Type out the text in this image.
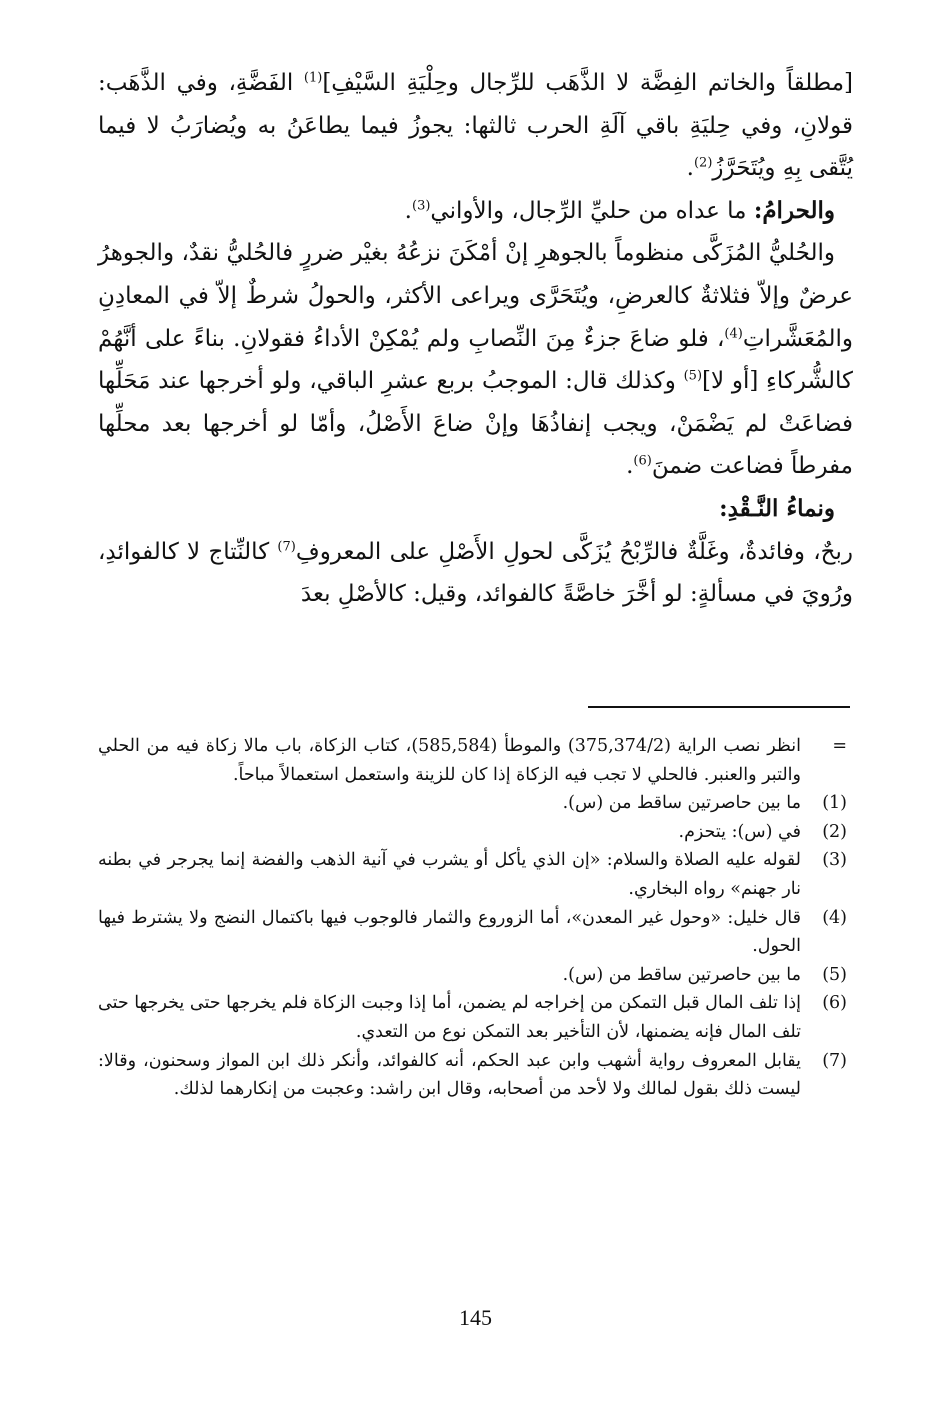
[مطلقاً والخاتم الفِضَّة لا الذَّهَب للرِّجال وحِلْيَةِ السَّيْفِ]$^{(1)}$ الفَضَّةِ، وفي الذَّهَب: قولانِ، وفي حِليَةِ باقي آلَةِ الحرب ثالثها: يجوزُ فيما يطاعَنُ به ويُضارَبُ لا فيما يُتَّقى بِهِ ويُتَحَرَّزُ$^{(2)}$.

والحرامُ: ما عداه من حليِّ الرِّجال، والأواني$^{(3)}$.

والحُليُّ المُزَكَّى منظوماً بالجوهرِ إنْ أمْكَنَ نزعُهُ بغيْر ضررٍ فالحُليُّ نقدٌ، والجوهرُ عرضٌ وإلاّ فثلاثةٌ كالعرضِ، ويُتَحَرَّى ويراعى الأكثر، والحولُ شرطٌ إلاّ في المعادِنِ والمُعَشَّراتِ$^{(4)}$، فلو ضاعَ جزءٌ مِنَ النِّصابِ ولم يُمْكِنْ الأداءُ فقولانِ. بناءً على أنَّهُمْ كالشُّركاءِ [أو لا]$^{(5)}$ وكذلك قال: الموجبُ بربع عشرِ الباقي، ولو أخرجها عند مَحَلِّها فضاعَتْ لم يَضْمَنْ، ويجب إنفاذُهَا وإنْ ضاعَ الأَصْلُ، وأمّا لو أخرجها بعد محلِّها مفرطاً فضاعت ضمنَ$^{(6)}$.

ونماءُ النَّـقْدِ:

ربحٌ، وفائدةٌ، وغَلَّةٌ فالرِّبْحُ يُزَكَّى لحولِ الأَصْلِ على المعروفِ$^{(7)}$ كالنِّتاج لا كالفوائدِ، ورُويَ في مسألةٍ: لو أخَّرَ خاصَّةً كالفوائد، وقيل: كالأصْلِ بعدَ

=
انظر نصب الراية (375,374/2) والموطأ (585,584)، كتاب الزكاة، باب مالا زكاة فيه من الحلي والتبر والعنبر. فالحلي لا تجب فيه الزكاة إذا كان للزينة واستعمل استعمالاً مباحاً.
(1)
ما بين حاصرتين ساقط من (س).
(2)
في (س): يتحزم.
(3)
لقوله عليه الصلاة والسلام: «إن الذي يأكل أو يشرب في آنية الذهب والفضة إنما يجرجر في بطنه نار جهنم» رواه البخاري.
(4)
قال خليل: «وحول غير المعدن»، أما الزوروع والثمار فالوجوب فيها باكتمال النضج ولا يشترط فيها الحول.
(5)
ما بين حاصرتين ساقط من (س).
(6)
إذا تلف المال قبل التمكن من إخراجه لم يضمن، أما إذا وجبت الزكاة فلم يخرجها حتى يخرجها حتى تلف المال فإنه يضمنها، لأن التأخير بعد التمكن نوع من التعدي.
(7)
يقابل المعروف رواية أشهب وابن عبد الحكم، أنه كالفوائد، وأنكر ذلك ابن المواز وسحنون، وقالا: ليست ذلك بقول لمالك ولا لأحد من أصحابه، وقال ابن راشد: وعجبت من إنكارهما لذلك.
145
